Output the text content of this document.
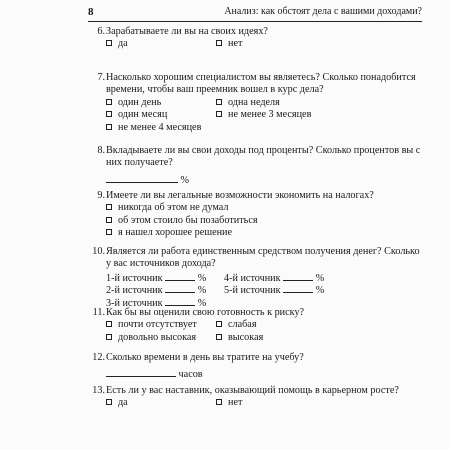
8	Анализ: как обстоят дела с вашими доходами?
6. Зарабатываете ли вы на своих идеях?
да	нет
7. Насколько хорошим специалистом вы являетесь? Сколько понадобится времени, чтобы ваш преемник вошел в курс дела?
один день	одна неделя
один месяц	не менее 3 месяцев
не менее 4 месяцев
8. Вкладываете ли вы свои доходы под проценты? Сколько процентов вы с них получаете?
%
9. Имеете ли вы легальные возможности экономить на налогах?
никогда об этом не думал
об этом стоило бы позаботиться
я нашел хорошее решение
10. Является ли работа единственным средством получения денег? Сколько у вас источников дохода?
1-й источник	% 4-й источник	%
2-й источник	% 5-й источник	%
3-й источник	%
11. Как бы вы оценили свою готовность к риску?
почти отсутствует	слабая
довольно высокая	высокая
12. Сколько времени в день вы тратите на учебу?
часов
13. Есть ли у вас наставник, оказывающий помощь в карьерном росте?
да	нет
